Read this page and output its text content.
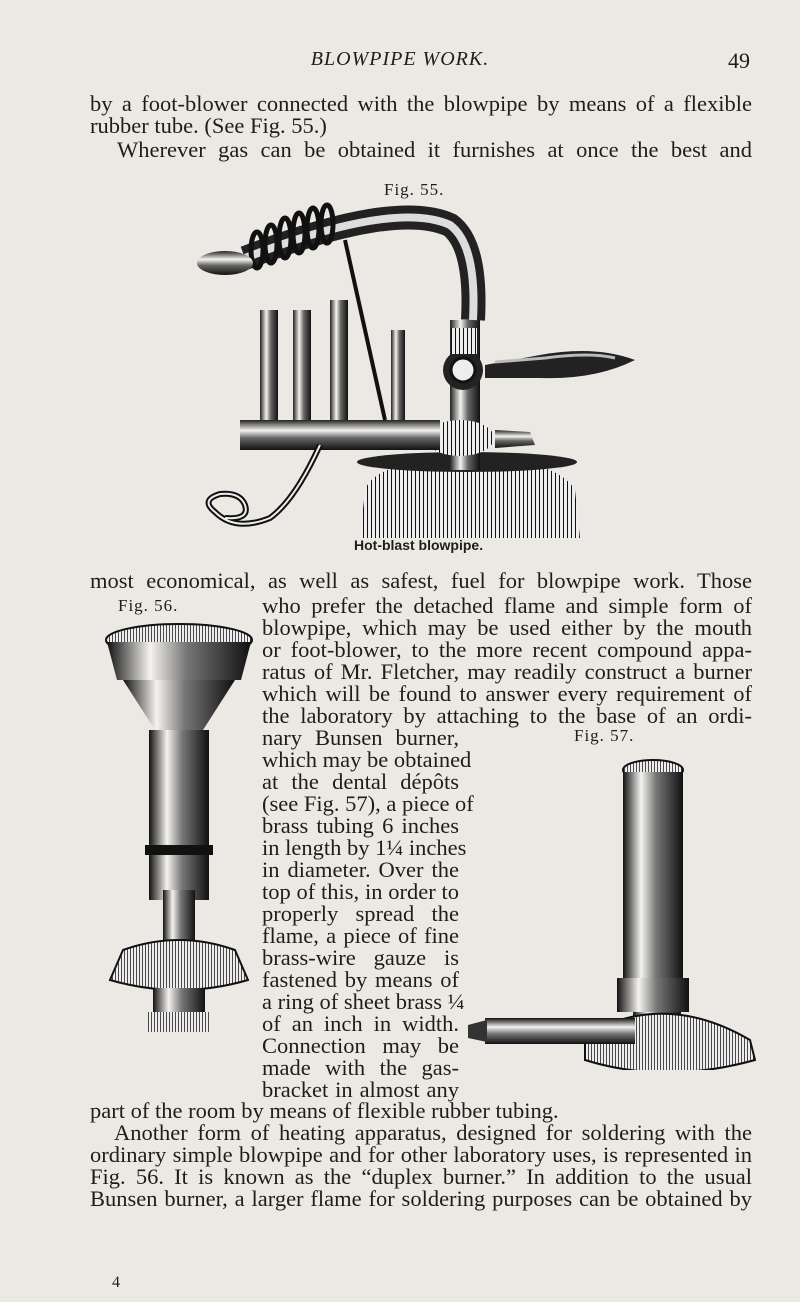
BLOWPIPE WORK.	49
by a foot-blower connected with the blowpipe by means of a flexible
rubber tube. (See Fig. 55.)
Wherever gas can be obtained it furnishes at once the best and
Fig. 55.
Hot-blast blowpipe.
most economical, as well as safest, fuel for blowpipe work. Those
Fig. 56.	who prefer the detached flame and simple form of
blowpipe, which may be used either by the mouth
or foot-blower, to the more recent compound appa-
ratus of Mr. Fletcher, may readily construct a burner
which will be found to answer every requirement of
the laboratory by attaching to the base of an ordi-
Fig. 57.
nary Bunsen burner,
which may be obtained
at the dental dépôts
(see Fig. 57), a piece of
brass tubing 6 inches
in length by 1¼ inches
in diameter. Over the
top of this, in order to
properly spread the
flame, a piece of fine
brass-wire gauze is
fastened by means of
a ring of sheet brass ¼
of an inch in width.
Connection may be
made with the gas-
bracket in almost any
part of the room by means of flexible rubber tubing.
Another form of heating apparatus, designed for soldering with the
ordinary simple blowpipe and for other laboratory uses, is represented in
Fig. 56. It is known as the “duplex burner.” In addition to the usual
Bunsen burner, a larger flame for soldering purposes can be obtained by
4
